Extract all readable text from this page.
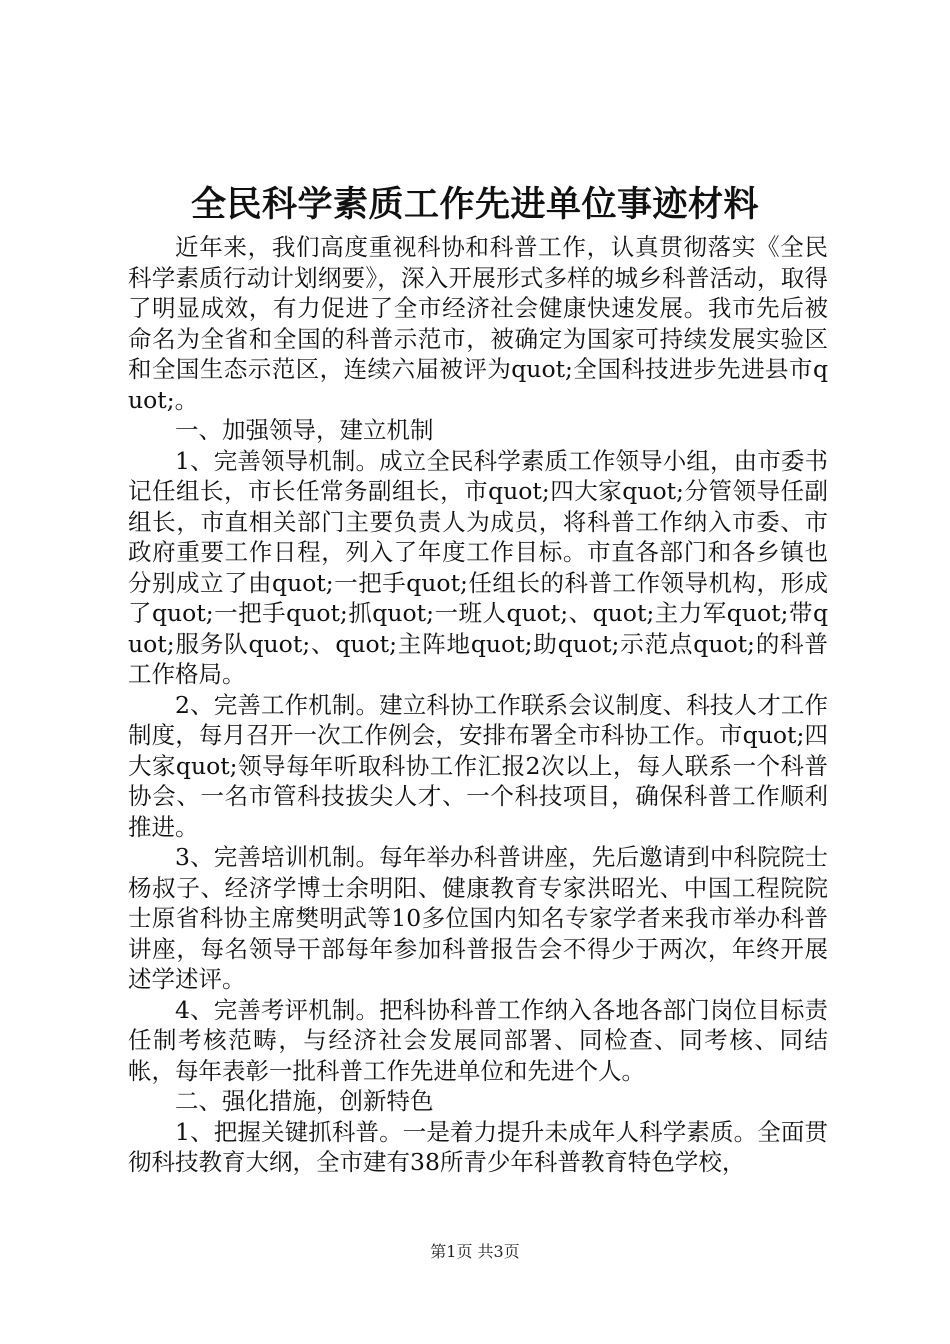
全民科学素质工作先进单位事迹材料

近年来，我们高度重视科协和科普工作，认真贯彻落实《全民科学素质行动计划纲要》，深入开展形式多样的城乡科普活动，取得了明显成效，有力促进了全市经济社会健康快速发展。我市先后被命名为全省和全国的科普示范市，被确定为国家可持续发展实验区和全国生态示范区，连续六届被评为quot;全国科技进步先进县市quot;。

一、加强领导，建立机制

1、完善领导机制。成立全民科学素质工作领导小组，由市委书记任组长，市长任常务副组长，市quot;四大家quot;分管领导任副组长，市直相关部门主要负责人为成员，将科普工作纳入市委、市政府重要工作日程，列入了年度工作目标。市直各部门和各乡镇也分别成立了由quot;一把手quot;任组长的科普工作领导机构，形成了quot;一把手quot;抓quot;一班人quot;、quot;主力军quot;带quot;服务队quot;、quot;主阵地quot;助quot;示范点quot;的科普工作格局。

2、完善工作机制。建立科协工作联系会议制度、科技人才工作制度，每月召开一次工作例会，安排布署全市科协工作。市quot;四大家quot;领导每年听取科协工作汇报2次以上，每人联系一个科普协会、一名市管科技拔尖人才、一个科技项目，确保科普工作顺利推进。

3、完善培训机制。每年举办科普讲座，先后邀请到中科院院士杨叔子、经济学博士余明阳、健康教育专家洪昭光、中国工程院院士原省科协主席樊明武等10多位国内知名专家学者来我市举办科普讲座，每名领导干部每年参加科普报告会不得少于两次，年终开展述学述评。

4、完善考评机制。把科协科普工作纳入各地各部门岗位目标责任制考核范畴，与经济社会发展同部署、同检查、同考核、同结帐，每年表彰一批科普工作先进单位和先进个人。

二、强化措施，创新特色

1、把握关键抓科普。一是着力提升未成年人科学素质。全面贯彻科技教育大纲，全市建有38所青少年科普教育特色学校，

第1页 共3页
